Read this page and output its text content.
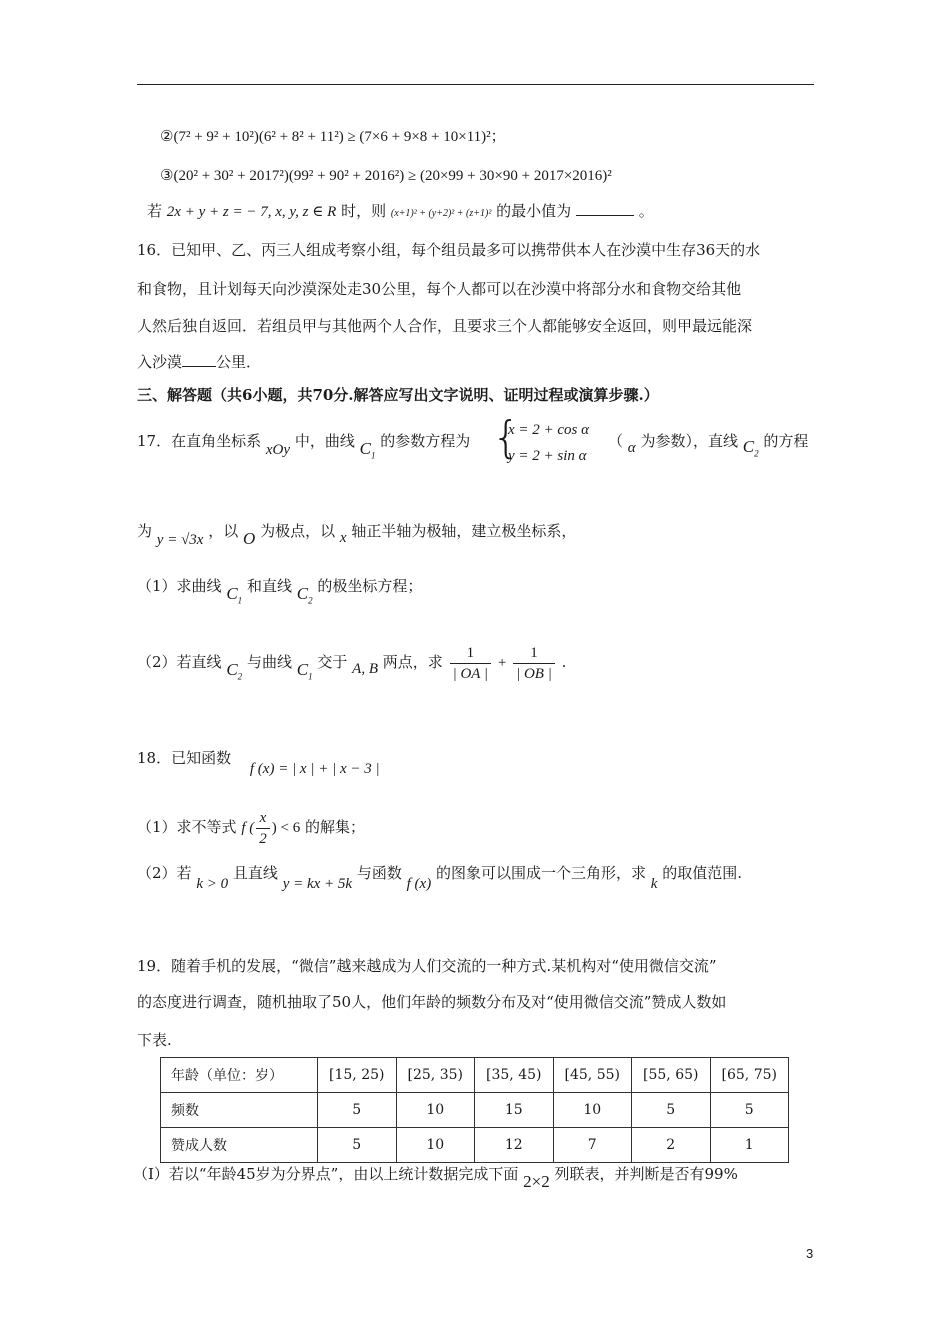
②(7² + 9² + 10²)(6² + 8² + 11²) ≥ (7×6 + 9×8 + 10×11)²；
③(20² + 30² + 2017²)(99² + 90² + 2016²) ≥ (20×99 + 30×90 + 2017×2016)²
若 2x + y + z = − 7, x, y, z ∈ R 时，则 (x+1)² + (y+2)² + (z+1)² 的最小值为	。
16．已知甲、乙、丙三人组成考察小组，每个组员最多可以携带供本人在沙漠中生存36天的水
和食物，且计划每天向沙漠深处走30公里，每个人都可以在沙漠中将部分水和食物交给其他
人然后独自返回．若组员甲与其他两个人合作，且要求三个人都能够安全返回，则甲最远能深
入沙漠 公里．
三、解答题（共6小题，共70分.解答应写出文字说明、证明过程或演算步骤.）
17．在直角坐标系 xOy 中，曲线 $C_1$ 的参数方程为 {
x = 2 + cos α
y = 2 + sin α
（ α 为参数），直线 $C_2$ 的方程
为 y = √3x ，以 O 为极点，以 x 轴正半轴为极轴，建立极坐标系，
（1）求曲线 $C_1$ 和直线 $C_2$ 的极坐标方程；
（2）若直线 $C_2$ 与曲线 $C_1$ 交于 A, B 两点，求 $\frac{1}{| OA |} + \frac{1}{| OB |}$ .
18．已知函数 f (x) = | x | + | x − 3 |
（1）求不等式 f ( $\frac{x}{2}$ ) < 6 的解集；
（2）若 k > 0 且直线 y = kx + 5k 与函数 f (x) 的图象可以围成一个三角形，求 k 的取值范围.
19．随着手机的发展，“微信”越来越成为人们交流的一种方式.某机构对“使用微信交流”
的态度进行调查，随机抽取了50人，他们年龄的频数分布及对“使用微信交流”赞成人数如
下表.
年龄（单位：岁）	[15, 25)	[25, 35)	[35, 45)	[45, 55)	[55, 65)	[65, 75)
频数	5	10	15	10	5	5
赞成人数	5	10	12	7	2	1
（Ⅰ）若以“年龄45岁为分界点”，由以上统计数据完成下面 2×2 列联表，并判断是否有99%
3
